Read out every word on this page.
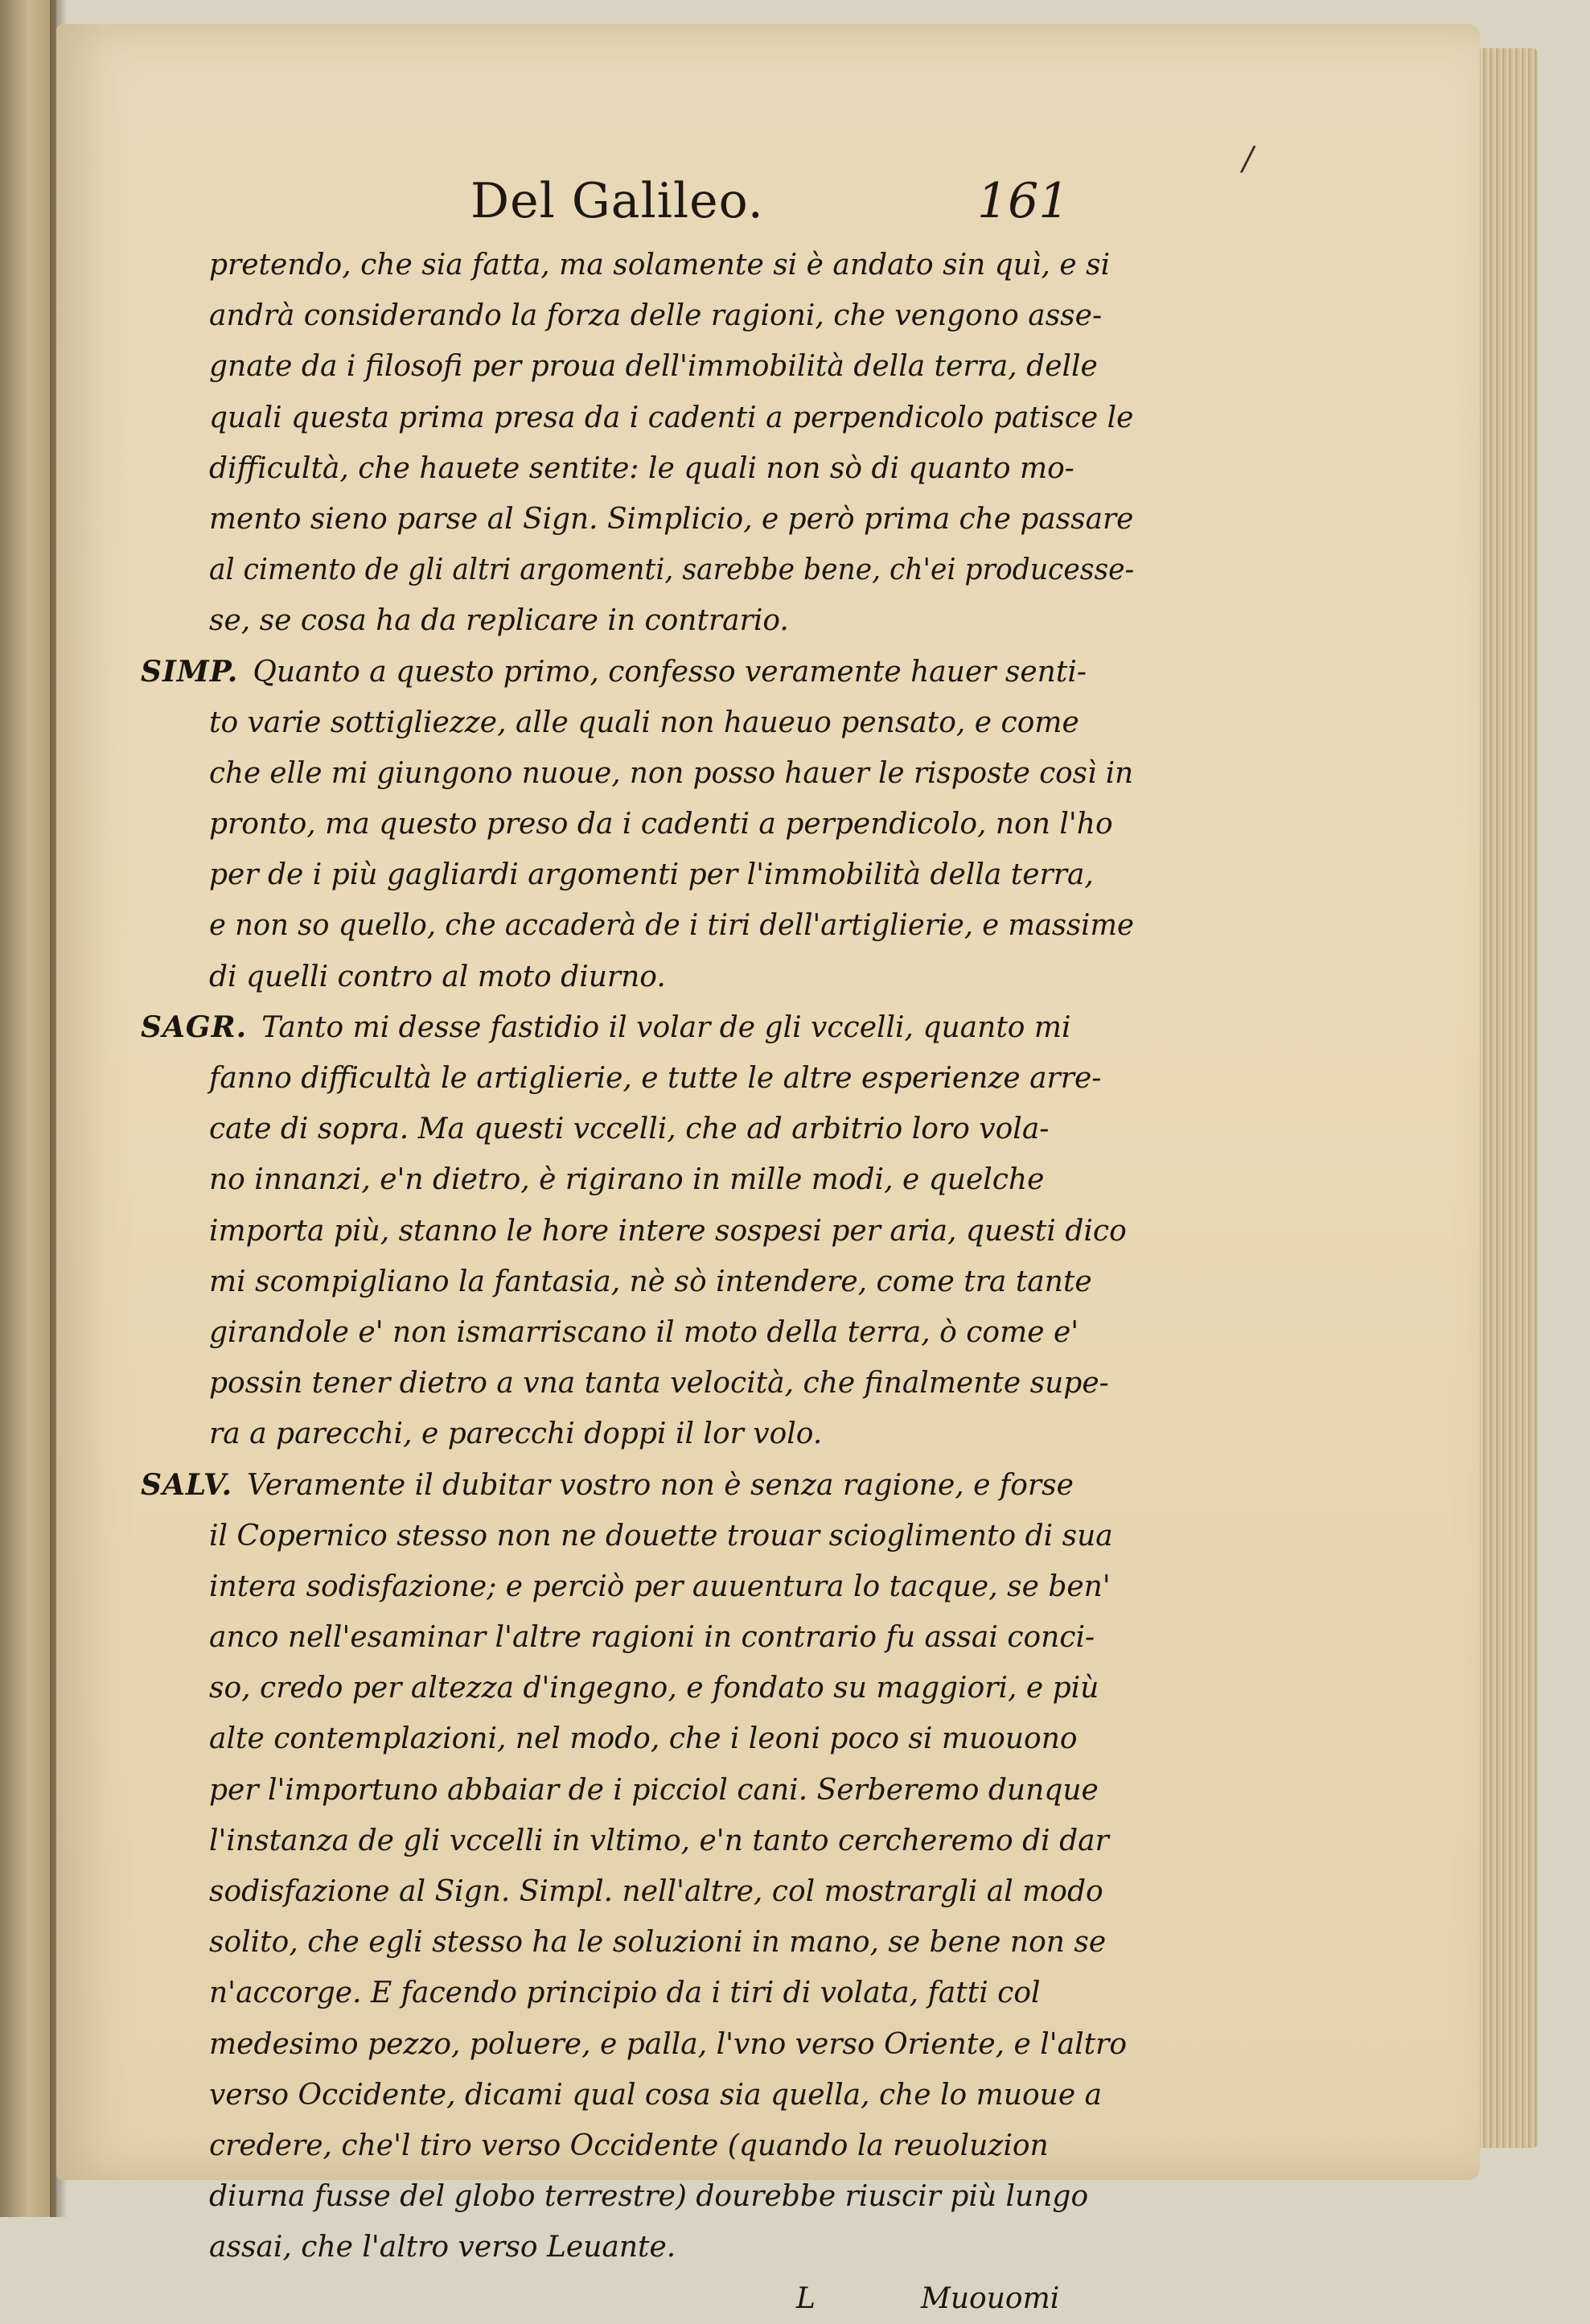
/
Del Galileo.	161
pretendo, che sia fatta, ma solamente si è andato sin quì, e si
andrà considerando la forza delle ragioni, che vengono asse-
gnate da i filosofi per proua dell'immobilità della terra, delle
quali questa prima presa da i cadenti a perpendicolo patisce le
difficultà, che hauete sentite: le quali non sò di quanto mo-
mento sieno parse al Sign. Simplicio, e però prima che passare
al cimento de gli altri argomenti, sarebbe bene, ch'ei producesse-
se, se cosa ha da replicare in contrario.
SIMP. Quanto a questo primo, confesso veramente hauer senti-
to varie sottigliezze, alle quali non haueuo pensato, e come
che elle mi giungono nuoue, non posso hauer le risposte così in
pronto, ma questo preso da i cadenti a perpendicolo, non l'ho
per de i più gagliardi argomenti per l'immobilità della terra,
e non so quello, che accaderà de i tiri dell'artiglierie, e massime
di quelli contro al moto diurno.
SAGR. Tanto mi desse fastidio il volar de gli vccelli, quanto mi
fanno difficultà le artiglierie, e tutte le altre esperienze arre-
cate di sopra. Ma questi vccelli, che ad arbitrio loro vola-
no innanzi, e'n dietro, è rigirano in mille modi, e quelche
importa più, stanno le hore intere sospesi per aria, questi dico
mi scompigliano la fantasia, nè sò intendere, come tra tante
girandole e' non ismarriscano il moto della terra, ò come e'
possin tener dietro a vna tanta velocità, che finalmente supe-
ra a parecchi, e parecchi doppi il lor volo.
SALV. Veramente il dubitar vostro non è senza ragione, e forse
il Copernico stesso non ne douette trouar scioglimento di sua
intera sodisfazione; e perciò per auuentura lo tacque, se ben'
anco nell'esaminar l'altre ragioni in contrario fu assai conci-
so, credo per altezza d'ingegno, e fondato su maggiori, e più
alte contemplazioni, nel modo, che i leoni poco si muouono
per l'importuno abbaiar de i picciol cani. Serberemo dunque
l'instanza de gli vccelli in vltimo, e'n tanto cercheremo di dar
sodisfazione al Sign. Simpl. nell'altre, col mostrargli al modo
solito, che egli stesso ha le soluzioni in mano, se bene non se
n'accorge. E facendo principio da i tiri di volata, fatti col
medesimo pezzo, poluere, e palla, l'vno verso Oriente, e l'altro
verso Occidente, dicami qual cosa sia quella, che lo muoue a
credere, che'l tiro verso Occidente (quando la reuoluzion
diurna fusse del globo terrestre) dourebbe riuscir più lungo
assai, che l'altro verso Leuante.
L	Muouomi
